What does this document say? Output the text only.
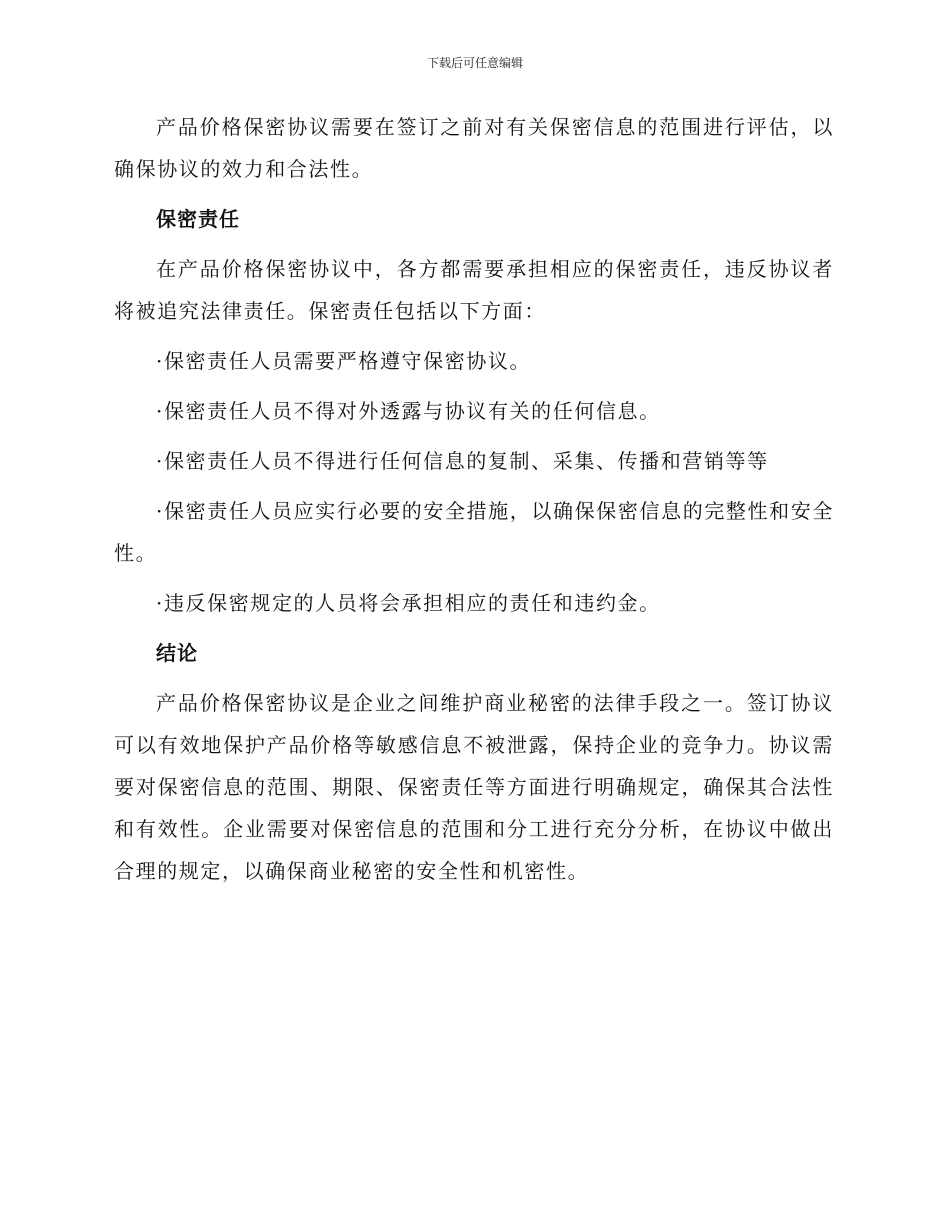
下载后可任意编辑

产品价格保密协议需要在签订之前对有关保密信息的范围进行评估，以确保协议的效力和合法性。

保密责任

在产品价格保密协议中，各方都需要承担相应的保密责任，违反协议者将被追究法律责任。保密责任包括以下方面：

·保密责任人员需要严格遵守保密协议。

·保密责任人员不得对外透露与协议有关的任何信息。

·保密责任人员不得进行任何信息的复制、采集、传播和营销等等

·保密责任人员应实行必要的安全措施，以确保保密信息的完整性和安全性。

·违反保密规定的人员将会承担相应的责任和违约金。

结论

产品价格保密协议是企业之间维护商业秘密的法律手段之一。签订协议可以有效地保护产品价格等敏感信息不被泄露，保持企业的竞争力。协议需要对保密信息的范围、期限、保密责任等方面进行明确规定，确保其合法性和有效性。企业需要对保密信息的范围和分工进行充分分析，在协议中做出合理的规定，以确保商业秘密的安全性和机密性。
